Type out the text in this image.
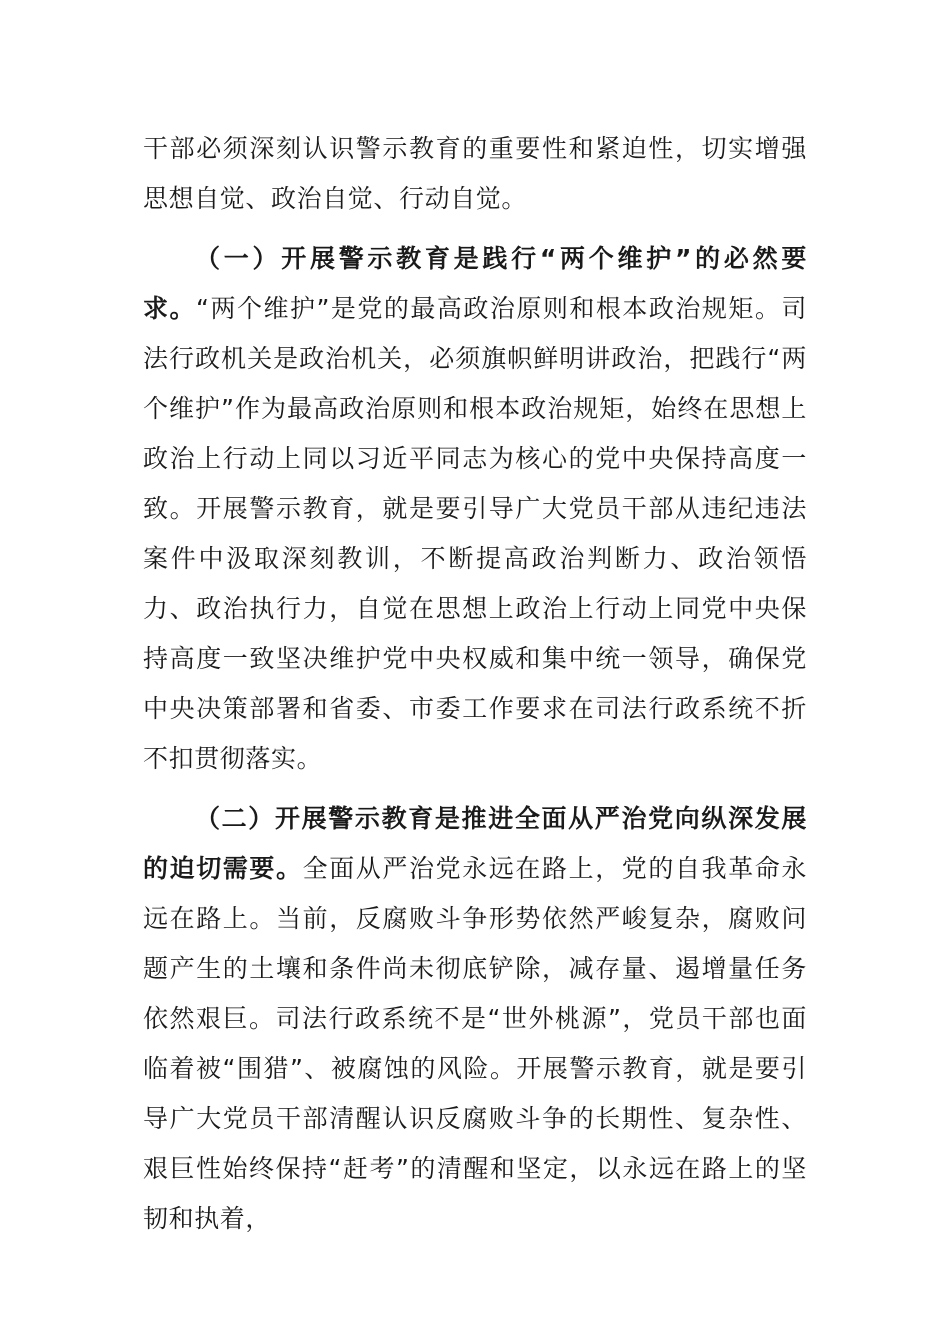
干部必须深刻认识警示教育的重要性和紧迫性，切实增强思想自觉、政治自觉、行动自觉。

（一）开展警示教育是践行“两个维护”的必然要求。“两个维护”是党的最高政治原则和根本政治规矩。司法行政机关是政治机关，必须旗帜鲜明讲政治，把践行“两个维护”作为最高政治原则和根本政治规矩，始终在思想上政治上行动上同以习近平同志为核心的党中央保持高度一致。开展警示教育，就是要引导广大党员干部从违纪违法案件中汲取深刻教训，不断提高政治判断力、政治领悟力、政治执行力，自觉在思想上政治上行动上同党中央保持高度一致坚决维护党中央权威和集中统一领导，确保党中央决策部署和省委、市委工作要求在司法行政系统不折不扣贯彻落实。

（二）开展警示教育是推进全面从严治党向纵深发展的迫切需要。全面从严治党永远在路上，党的自我革命永远在路上。当前，反腐败斗争形势依然严峻复杂，腐败问题产生的土壤和条件尚未彻底铲除，减存量、遏增量任务依然艰巨。司法行政系统不是“世外桃源”，党员干部也面临着被“围猎”、被腐蚀的风险。开展警示教育，就是要引导广大党员干部清醒认识反腐败斗争的长期性、复杂性、艰巨性始终保持“赶考”的清醒和坚定，以永远在路上的坚韧和执着，
